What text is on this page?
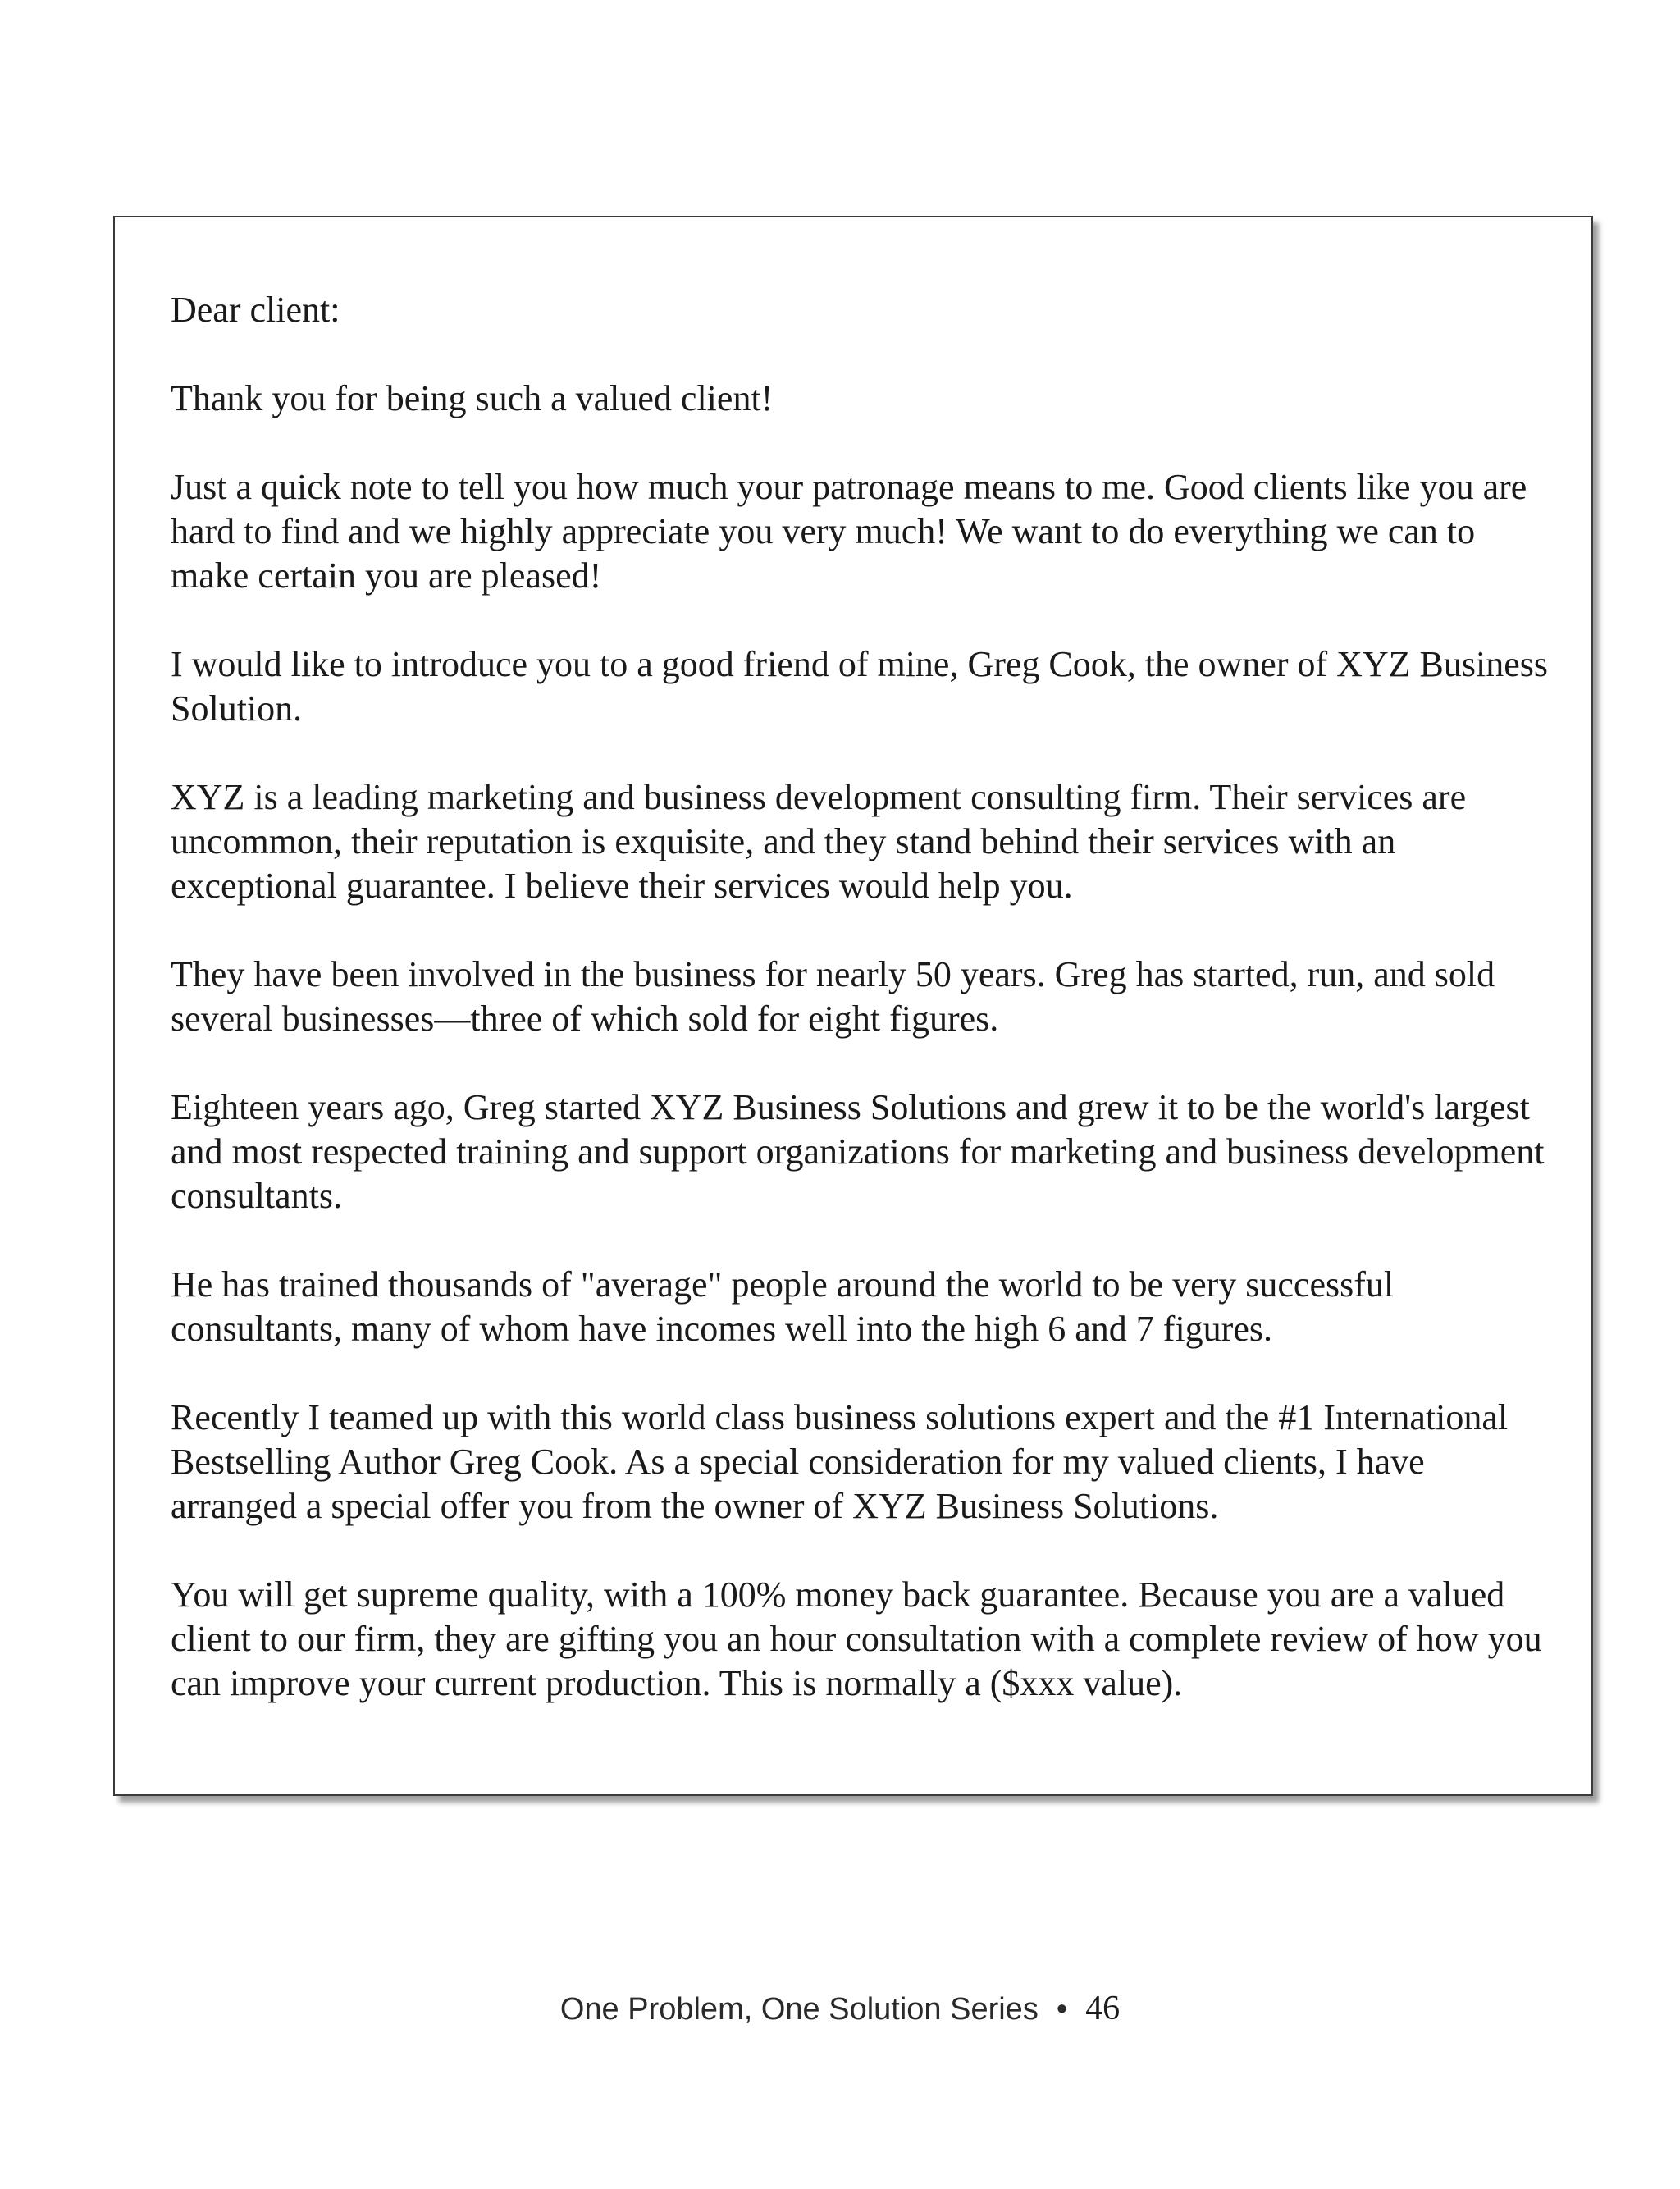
Dear client:

Thank you for being such a valued client!

Just a quick note to tell you how much your patronage means to me. Good clients like you are hard to find and we highly appreciate you very much! We want to do everything we can to make certain you are pleased!

I would like to introduce you to a good friend of mine, Greg Cook, the owner of XYZ Business Solution.

XYZ is a leading marketing and business development consulting firm. Their services are uncommon, their reputation is exquisite, and they stand behind their services with an exceptional guarantee. I believe their services would help you.

They have been involved in the business for nearly 50 years. Greg has started, run, and sold several businesses—three of which sold for eight figures.

Eighteen years ago, Greg started XYZ Business Solutions and grew it to be the world's largest and most respected training and support organizations for marketing and business development consultants.

He has trained thousands of "average" people around the world to be very successful consultants, many of whom have incomes well into the high 6 and 7 figures.

Recently I teamed up with this world class business solutions expert and the #1 International Bestselling Author Greg Cook. As a special consideration for my valued clients, I have arranged a special offer you from the owner of XYZ Business Solutions.

You will get supreme quality, with a 100% money back guarantee. Because you are a valued client to our firm, they are gifting you an hour consultation with a complete review of how you can improve your current production. This is normally a ($xxx value).

One Problem, One Solution Series • 46
